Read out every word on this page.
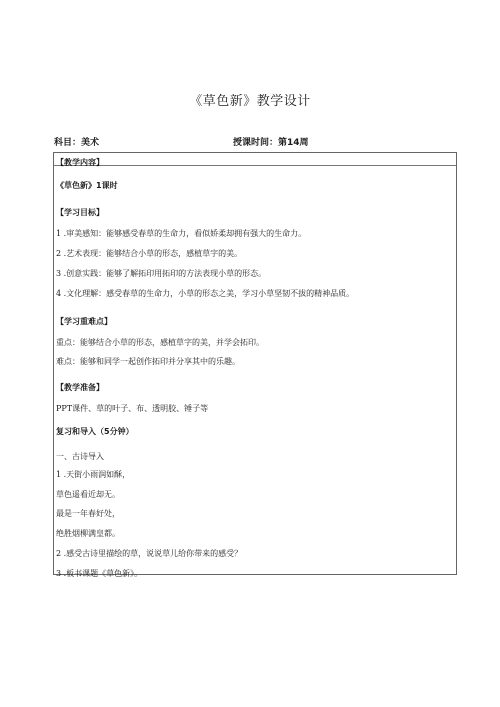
《草色新》教学设计
科目：美术	授课时间：第14周
【教学内容】
《草色新》1课时
【学习目标】
1 .审美感知：能够感受春草的生命力，看似娇柔却拥有强大的生命力。
2 .艺术表现：能够结合小草的形态，感植草字的美。
3 .创意实践：能够了解拓印用拓印的方法表现小草的形态。
4 .文化理解：感受春草的生命力，小草的形态之美，学习小草坚韧不拔的精神品质。
【学习重难点】
重点：能够结合小草的形态，感植草字的美，并学会拓印。
难点：能够和同学一起创作拓印并分享其中的乐趣。
【教学准备】
PPT课件、草的叶子、布、透明胶、锤子等
复习和导入（5分钟）
一、古诗导入
1 .天街小雨润如酥，
草色遥看近却无。
最是一年春好处，
绝胜烟柳满皇都。
2 .感受古诗里描绘的草，说说草儿给你带来的感受？
3 .板书课题《草色新》。
